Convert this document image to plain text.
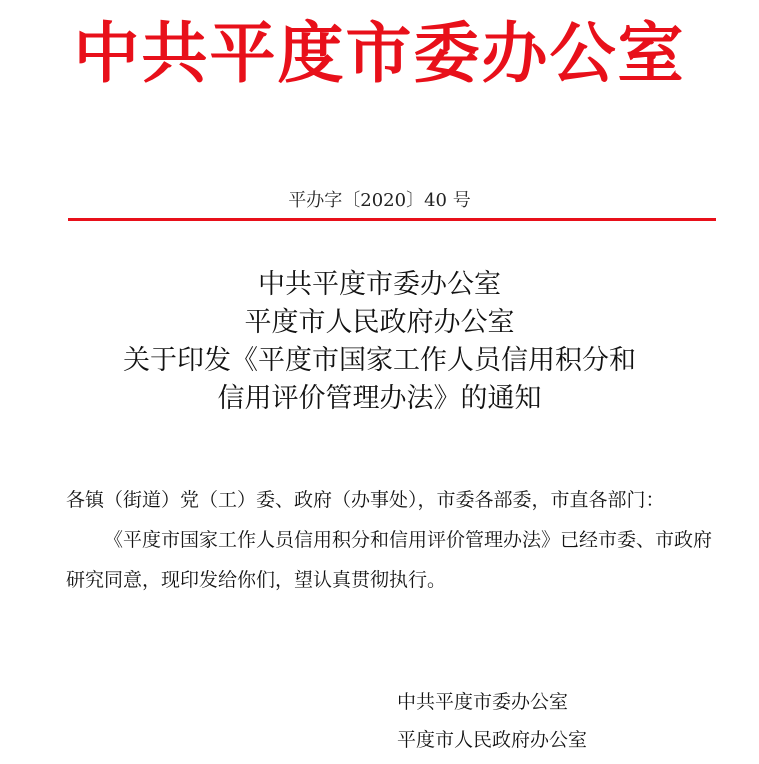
中共平度市委办公室
平办字〔2020〕40 号
中共平度市委办公室
平度市人民政府办公室
关于印发《平度市国家工作人员信用积分和
信用评价管理办法》的通知

各镇（街道）党（工）委、政府（办事处），市委各部委，市直各部门：

《平度市国家工作人员信用积分和信用评价管理办法》已经市委、市政府研究同意，现印发给你们，望认真贯彻执行。

中共平度市委办公室
平度市人民政府办公室
